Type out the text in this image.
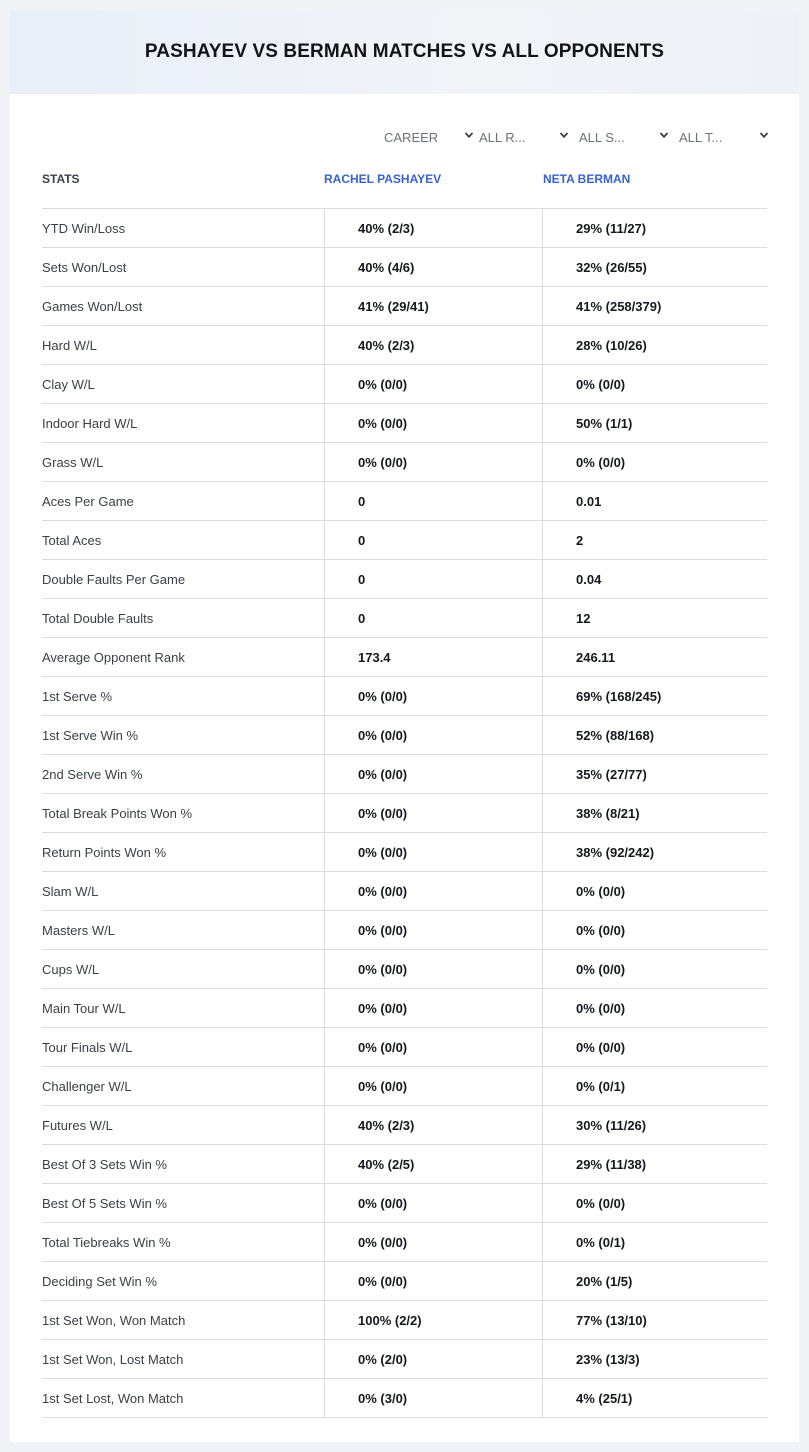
PASHAYEV VS BERMAN MATCHES VS ALL OPPONENTS
CAREER	ALL R...	ALL S...	ALL T...
STATS	RACHEL PASHAYEV	NETA BERMAN
YTD Win/Loss	40% (2/3)	29% (11/27)
Sets Won/Lost	40% (4/6)	32% (26/55)
Games Won/Lost	41% (29/41)	41% (258/379)
Hard W/L	40% (2/3)	28% (10/26)
Clay W/L	0% (0/0)	0% (0/0)
Indoor Hard W/L	0% (0/0)	50% (1/1)
Grass W/L	0% (0/0)	0% (0/0)
Aces Per Game	0	0.01
Total Aces	0	2
Double Faults Per Game	0	0.04
Total Double Faults	0	12
Average Opponent Rank	173.4	246.11
1st Serve %	0% (0/0)	69% (168/245)
1st Serve Win %	0% (0/0)	52% (88/168)
2nd Serve Win %	0% (0/0)	35% (27/77)
Total Break Points Won %	0% (0/0)	38% (8/21)
Return Points Won %	0% (0/0)	38% (92/242)
Slam W/L	0% (0/0)	0% (0/0)
Masters W/L	0% (0/0)	0% (0/0)
Cups W/L	0% (0/0)	0% (0/0)
Main Tour W/L	0% (0/0)	0% (0/0)
Tour Finals W/L	0% (0/0)	0% (0/0)
Challenger W/L	0% (0/0)	0% (0/1)
Futures W/L	40% (2/3)	30% (11/26)
Best Of 3 Sets Win %	40% (2/5)	29% (11/38)
Best Of 5 Sets Win %	0% (0/0)	0% (0/0)
Total Tiebreaks Win %	0% (0/0)	0% (0/1)
Deciding Set Win %	0% (0/0)	20% (1/5)
1st Set Won, Won Match	100% (2/2)	77% (13/10)
1st Set Won, Lost Match	0% (2/0)	23% (13/3)
1st Set Lost, Won Match	0% (3/0)	4% (25/1)
